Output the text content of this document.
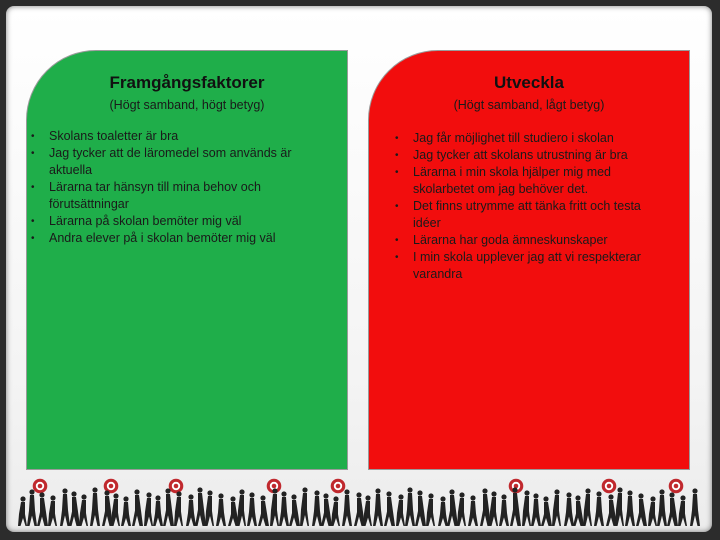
Framgångsfaktorer
(Högt samband, högt betyg)
• Skolans toaletter är bra
• Jag tycker att de läromedel som används är aktuella
• Lärarna tar hänsyn till mina behov och förutsättningar
• Lärarna på skolan bemöter mig väl
• Andra elever på i skolan bemöter mig väl
Utveckla
(Högt samband, lågt betyg)
• Jag får möjlighet till studiero i skolan
• Jag tycker att skolans utrustning är bra
• Lärarna i min skola hjälper mig med skolarbetet om jag behöver det.
• Det finns utrymme att tänka fritt och testa idéer
• Lärarna har goda ämneskunskaper
• I min skola upplever jag att vi respekterar varandra
